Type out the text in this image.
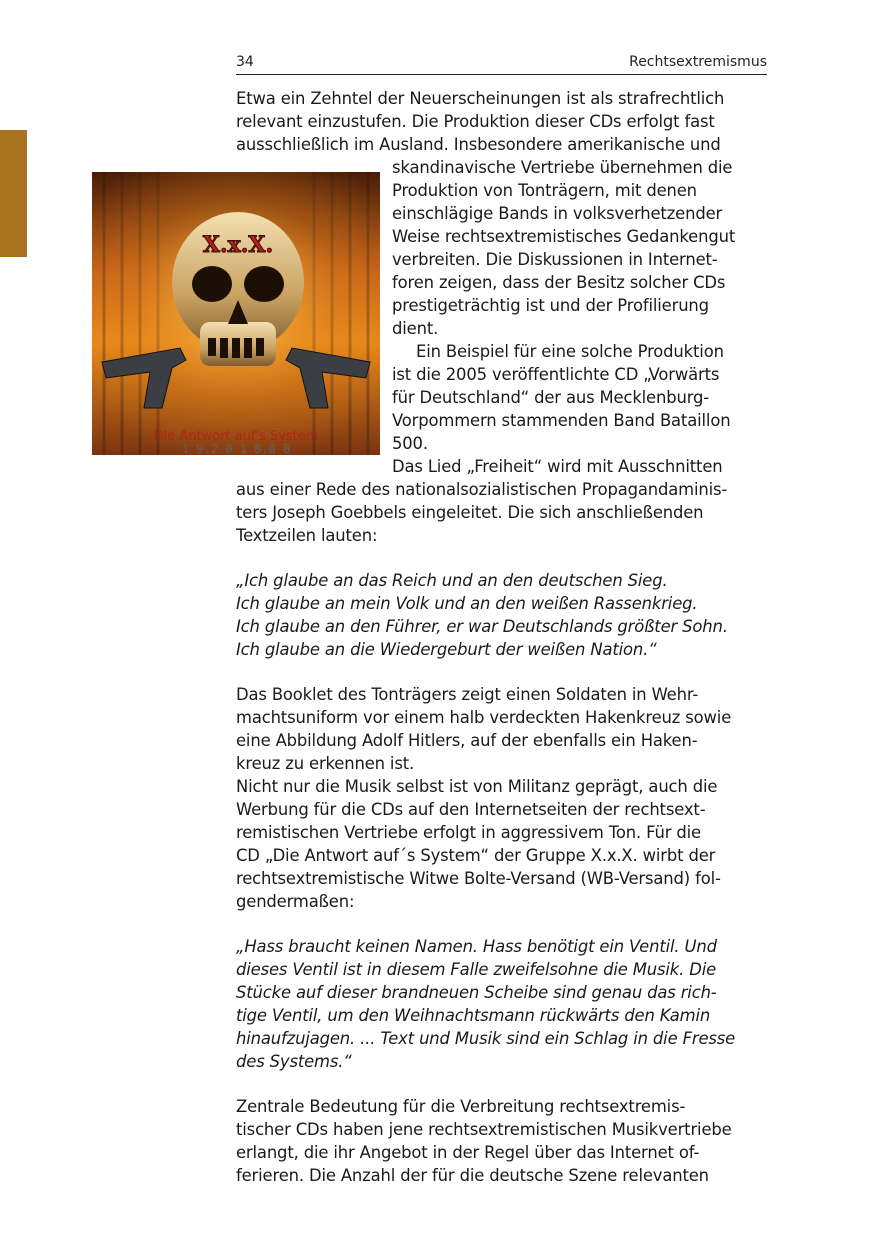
34	Rechtsextremismus
Etwa ein Zehntel der Neuerscheinungen ist als strafrechtlich
relevant einzustufen. Die Produktion dieser CDs erfolgt fast
ausschließlich im Ausland. Insbesondere amerikanische und
skandinavische Vertriebe übernehmen die
Produktion von Tonträgern, mit denen
einschlägige Bands in volksverhetzender
Weise rechtsextremistisches Gedankengut
verbreiten. Die Diskussionen in Internet-
foren zeigen, dass der Besitz solcher CDs
prestigeträchtig ist und der Profilierung
dient.
Ein Beispiel für eine solche Produktion
ist die 2005 veröffentlichte CD „Vorwärts
für Deutschland“ der aus Mecklenburg-
Vorpommern stammenden Band Bataillon
500.
Das Lied „Freiheit“ wird mit Ausschnitten
aus einer Rede des nationalsozialistischen Propagandaminis-
ters Joseph Goebbels eingeleitet. Die sich anschließenden
Textzeilen lauten:
„Ich glaube an das Reich und an den deutschen Sieg.
Ich glaube an mein Volk und an den weißen Rassenkrieg.
Ich glaube an den Führer, er war Deutschlands größter Sohn.
Ich glaube an die Wiedergeburt der weißen Nation.“
Das Booklet des Tonträgers zeigt einen Soldaten in Wehr-
machtsuniform vor einem halb verdeckten Hakenkreuz sowie
eine Abbildung Adolf Hitlers, auf der ebenfalls ein Haken-
kreuz zu erkennen ist.
Nicht nur die Musik selbst ist von Militanz geprägt, auch die
Werbung für die CDs auf den Internetseiten der rechtsext-
remistischen Vertriebe erfolgt in aggressivem Ton. Für die
CD „Die Antwort auf´s System“ der Gruppe X.x.X. wirbt der
rechtsextremistische Witwe Bolte-Versand (WB-Versand) fol-
gendermaßen:
„Hass braucht keinen Namen. Hass benötigt ein Ventil. Und
dieses Ventil ist in diesem Falle zweifelsohne die Musik. Die
Stücke auf dieser brandneuen Scheibe sind genau das rich-
tige Ventil, um den Weihnachtsmann rückwärts den Kamin
hinaufzujagen. ... Text und Musik sind ein Schlag in die Fresse
des Systems.“
Zentrale Bedeutung für die Verbreitung rechtsextremis-
tischer CDs haben jene rechtsextremistischen Musikvertriebe
erlangt, die ihr Angebot in der Regel über das Internet of-
ferieren. Die Anzahl der für die deutsche Szene relevanten
X.x.X.
Die Antwort auf's System
1 9.2 0 1 8.8 8
